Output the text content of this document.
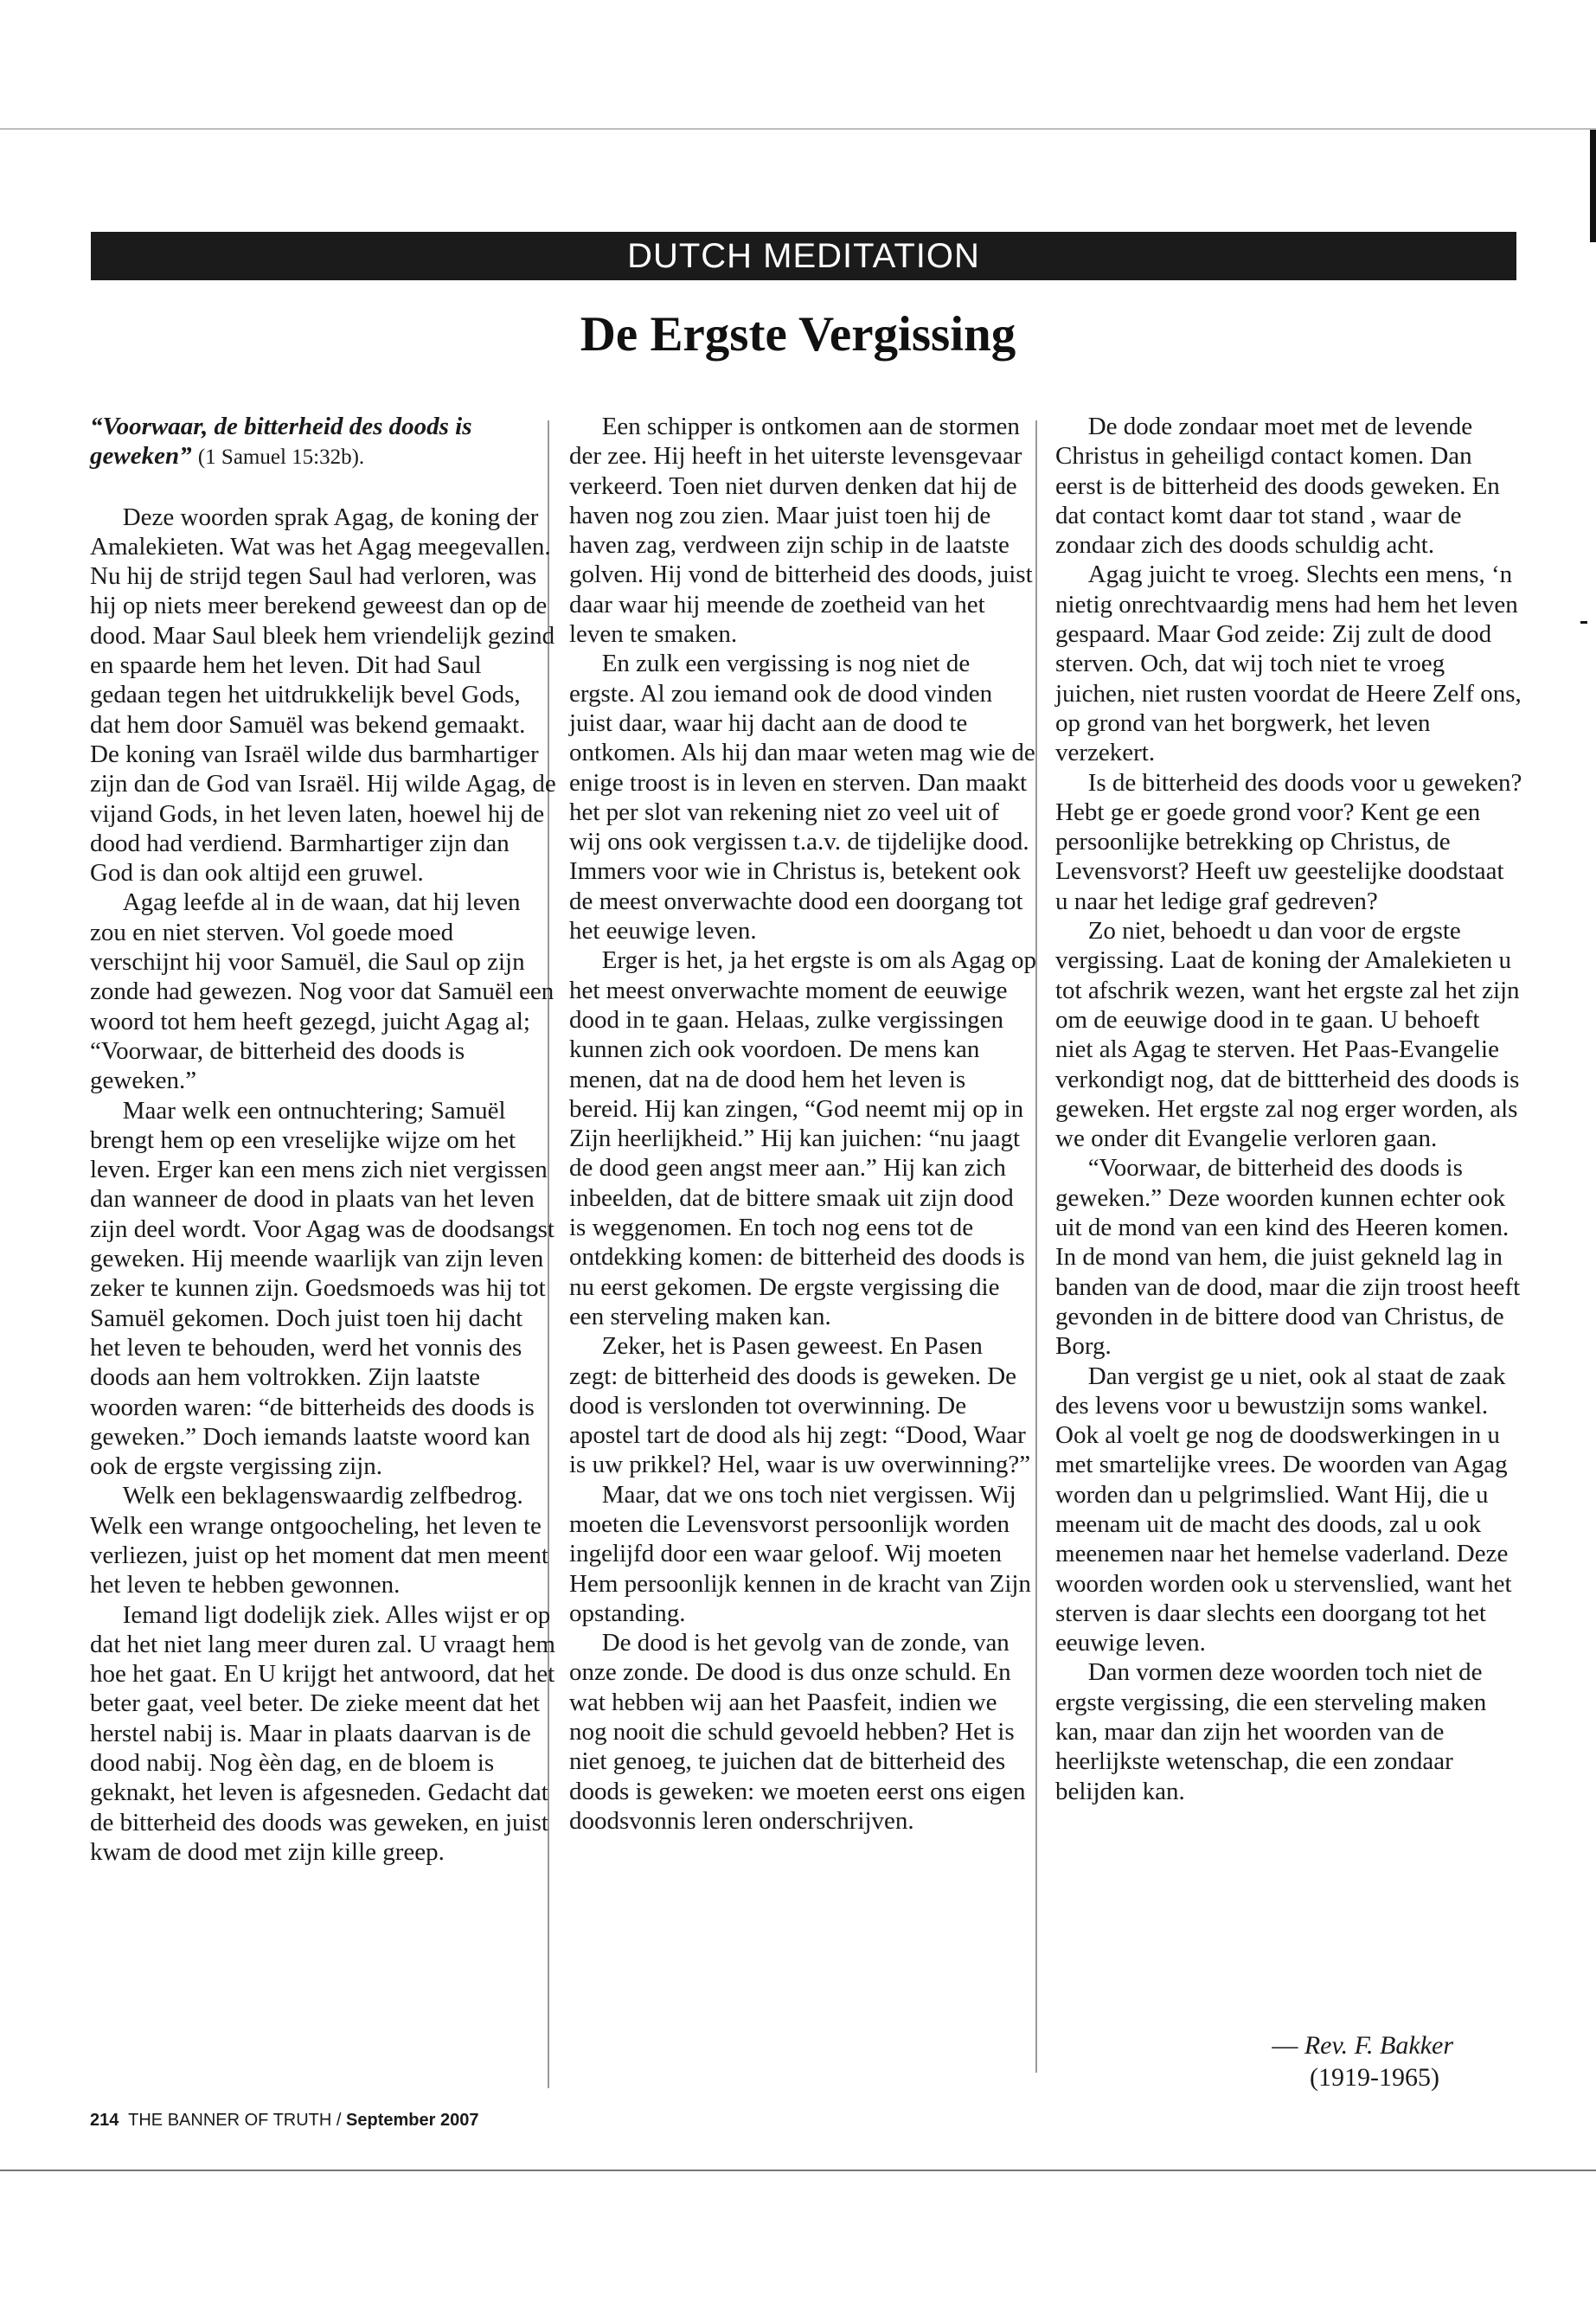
DUTCH MEDITATION
De Ergste Vergissing

“Voorwaar, de bitterheid des doods is geweken” (1 Samuel 15:32b).

Deze woorden sprak Agag, de koning der Amalekieten. Wat was het Agag meegevallen. Nu hij de strijd tegen Saul had verloren, was hij op niets meer berekend geweest dan op de dood. Maar Saul bleek hem vriendelijk gezind en spaarde hem het leven. Dit had Saul gedaan tegen het uitdrukkelijk bevel Gods, dat hem door Samuël was bekend gemaakt. De koning van Israël wilde dus barmhartiger zijn dan de God van Israël. Hij wilde Agag, de vijand Gods, in het leven laten, hoewel hij de dood had verdiend. Barmhartiger zijn dan God is dan ook altijd een gruwel.

Agag leefde al in de waan, dat hij leven zou en niet sterven. Vol goede moed verschijnt hij voor Samuël, die Saul op zijn zonde had gewezen. Nog voor dat Samuël een woord tot hem heeft gezegd, juicht Agag al; “Voorwaar, de bitterheid des doods is geweken.”

Maar welk een ontnuchtering; Samuël brengt hem op een vreselijke wijze om het leven. Erger kan een mens zich niet vergissen dan wanneer de dood in plaats van het leven zijn deel wordt. Voor Agag was de doodsangst geweken. Hij meende waarlijk van zijn leven zeker te kunnen zijn. Goedsmoeds was hij tot Samuël gekomen. Doch juist toen hij dacht het leven te behouden, werd het vonnis des doods aan hem voltrokken. Zijn laatste woorden waren: “de bitterheids des doods is geweken.” Doch iemands laatste woord kan ook de ergste vergissing zijn.

Welk een beklagenswaardig zelfbedrog. Welk een wrange ontgoocheling, het leven te verliezen, juist op het moment dat men meent het leven te hebben gewonnen.

Iemand ligt dodelijk ziek. Alles wijst er op dat het niet lang meer duren zal. U vraagt hem hoe het gaat. En U krijgt het antwoord, dat het beter gaat, veel beter. De zieke meent dat het herstel nabij is. Maar in plaats daarvan is de dood nabij. Nog èèn dag, en de bloem is geknakt, het leven is afgesneden. Gedacht dat de bitterheid des doods was geweken, en juist kwam de dood met zijn kille greep.

Een schipper is ontkomen aan de stormen der zee. Hij heeft in het uiterste levensgevaar verkeerd. Toen niet durven denken dat hij de haven nog zou zien. Maar juist toen hij de haven zag, verdween zijn schip in de laatste golven. Hij vond de bitterheid des doods, juist daar waar hij meende de zoetheid van het leven te smaken.

En zulk een vergissing is nog niet de ergste. Al zou iemand ook de dood vinden juist daar, waar hij dacht aan de dood te ontkomen. Als hij dan maar weten mag wie de enige troost is in leven en sterven. Dan maakt het per slot van rekening niet zo veel uit of wij ons ook vergissen t.a.v. de tijdelijke dood. Immers voor wie in Christus is, betekent ook de meest onverwachte dood een doorgang tot het eeuwige leven.

Erger is het, ja het ergste is om als Agag op het meest onverwachte moment de eeuwige dood in te gaan. Helaas, zulke vergissingen kunnen zich ook voordoen. De mens kan menen, dat na de dood hem het leven is bereid. Hij kan zingen, “God neemt mij op in Zijn heerlijkheid.” Hij kan juichen: “nu jaagt de dood geen angst meer aan.” Hij kan zich inbeelden, dat de bittere smaak uit zijn dood is weggenomen. En toch nog eens tot de ontdekking komen: de bitterheid des doods is nu eerst gekomen. De ergste vergissing die een sterveling maken kan.

Zeker, het is Pasen geweest. En Pasen zegt: de bitterheid des doods is geweken. De dood is verslonden tot overwinning. De apostel tart de dood als hij zegt: “Dood, Waar is uw prikkel? Hel, waar is uw overwinning?”

Maar, dat we ons toch niet vergissen. Wij moeten die Levensvorst persoonlijk worden ingelijfd door een waar geloof. Wij moeten Hem persoonlijk kennen in de kracht van Zijn opstanding.

De dood is het gevolg van de zonde, van onze zonde. De dood is dus onze schuld. En wat hebben wij aan het Paasfeit, indien we nog nooit die schuld gevoeld hebben? Het is niet genoeg, te juichen dat de bitterheid des doods is geweken: we moeten eerst ons eigen doodsvonnis leren onderschrijven.

De dode zondaar moet met de levende Christus in geheiligd contact komen. Dan eerst is de bitterheid des doods geweken. En dat contact komt daar tot stand , waar de zondaar zich des doods schuldig acht.

Agag juicht te vroeg. Slechts een mens, ‘n nietig onrechtvaardig mens had hem het leven gespaard. Maar God zeide: Zij zult de dood sterven. Och, dat wij toch niet te vroeg juichen, niet rusten voordat de Heere Zelf ons, op grond van het borgwerk, het leven verzekert.

Is de bitterheid des doods voor u geweken? Hebt ge er goede grond voor? Kent ge een persoonlijke betrekking op Christus, de Levensvorst? Heeft uw geestelijke doodstaat u naar het ledige graf gedreven?

Zo niet, behoedt u dan voor de ergste vergissing. Laat de koning der Amalekieten u tot afschrik wezen, want het ergste zal het zijn om de eeuwige dood in te gaan. U behoeft niet als Agag te sterven. Het Paas-Evangelie verkondigt nog, dat de bittterheid des doods is geweken. Het ergste zal nog erger worden, als we onder dit Evangelie verloren gaan.

“Voorwaar, de bitterheid des doods is geweken.” Deze woorden kunnen echter ook uit de mond van een kind des Heeren komen. In de mond van hem, die juist gekneld lag in banden van de dood, maar die zijn troost heeft gevonden in de bittere dood van Christus, de Borg.

Dan vergist ge u niet, ook al staat de zaak des levens voor u bewustzijn soms wankel. Ook al voelt ge nog de doodswerkingen in u met smartelijke vrees. De woorden van Agag worden dan u pelgrimslied. Want Hij, die u meenam uit de macht des doods, zal u ook meenemen naar het hemelse vaderland. Deze woorden worden ook u stervenslied, want het sterven is daar slechts een doorgang tot het eeuwige leven.

Dan vormen deze woorden toch niet de ergste vergissing, die een sterveling maken kan, maar dan zijn het woorden van de heerlijkste wetenschap, die een zondaar belijden kan.

— Rev. F. Bakker
(1919-1965)
214 THE BANNER OF TRUTH / September 2007
